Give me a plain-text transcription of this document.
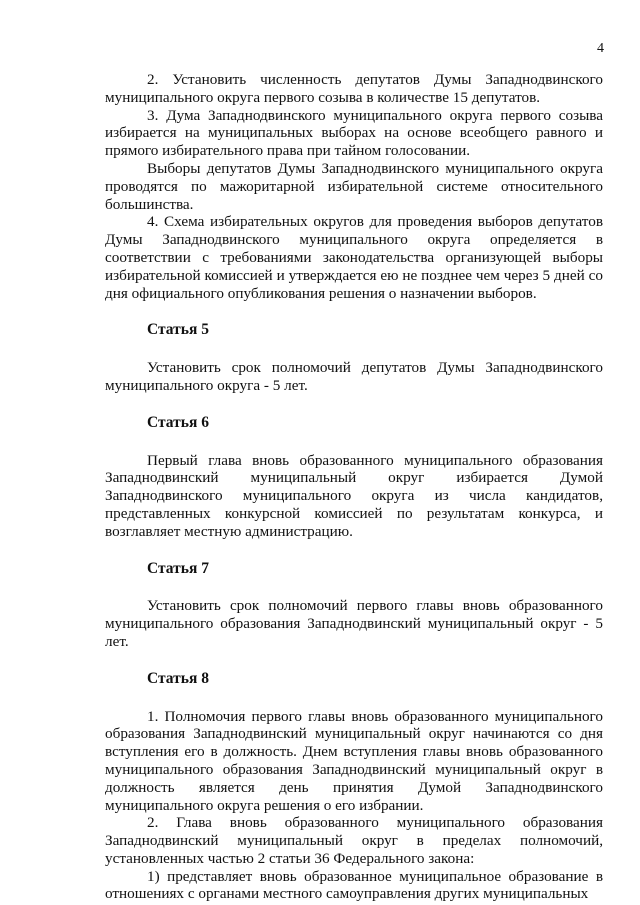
4

2. Установить численность депутатов Думы Западнодвинского муниципального округа первого созыва в количестве 15 депутатов.

3. Дума Западнодвинского муниципального округа первого созыва избирается на муниципальных выборах на основе всеобщего равного и прямого избирательного права при тайном голосовании.

Выборы депутатов Думы Западнодвинского муниципального округа проводятся по мажоритарной избирательной системе относительного большинства.

4. Схема избирательных округов для проведения выборов депутатов Думы Западнодвинского муниципального округа определяется в соответствии с требованиями законодательства организующей выборы избирательной комиссией и утверждается ею не позднее чем через 5 дней со дня официального опубликования решения о назначении выборов.

Статья 5

Установить срок полномочий депутатов Думы Западнодвинского муниципального округа - 5 лет.

Статья 6

Первый глава вновь образованного муниципального образования Западнодвинский муниципальный округ избирается Думой Западнодвинского муниципального округа из числа кандидатов, представленных конкурсной комиссией по результатам конкурса, и возглавляет местную администрацию.

Статья 7

Установить срок полномочий первого главы вновь образованного муниципального образования Западнодвинский муниципальный округ - 5 лет.

Статья 8

1. Полномочия первого главы вновь образованного муниципального образования Западнодвинский муниципальный округ начинаются со дня вступления его в должность. Днем вступления главы вновь образованного муниципального образования Западнодвинский муниципальный округ в должность является день принятия Думой Западнодвинского муниципального округа решения о его избрании.

2. Глава вновь образованного муниципального образования Западнодвинский муниципальный округ в пределах полномочий, установленных частью 2 статьи 36 Федерального закона:

1) представляет вновь образованное муниципальное образование в отношениях с органами местного самоуправления других муниципальных
